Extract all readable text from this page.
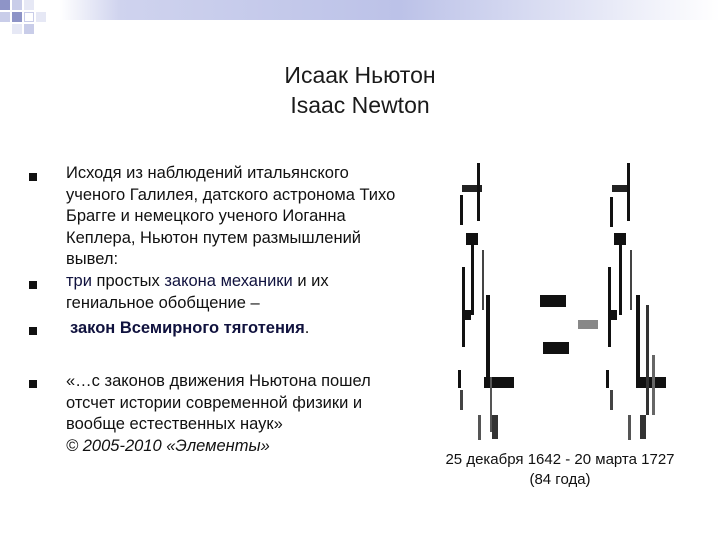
Исаак Ньютон
Isaac Newton
Исходя из наблюдений итальянского ученого Галилея, датского астронома Тихо Брагге и немецкого ученого Иоганна Кеплера, Ньютон путем размышлений вывел:
три простых закона механики и их гениальное обобщение –
закон Всемирного тяготения.
«…с законов движения Ньютона пошел отсчет истории современной физики и вообще естественных наук»
© 2005-2010 «Элементы»
25 декабря 1642 - 20 марта 1727
(84 года)
